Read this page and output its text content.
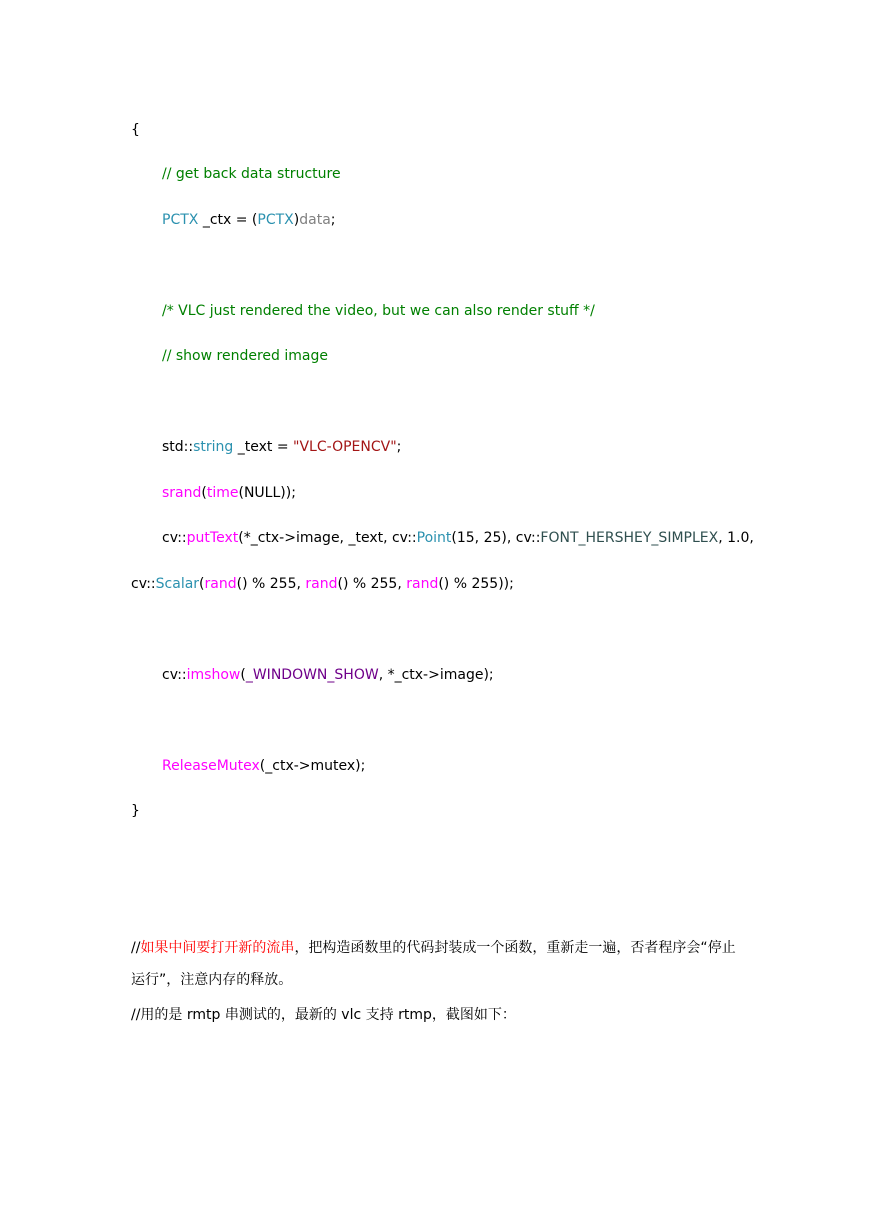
{
// get back data structure
PCTX _ctx = (PCTX)data;
/* VLC just rendered the video, but we can also render stuff */
// show rendered image
std::string _text = "VLC-OPENCV";
srand(time(NULL));
cv::putText(*_ctx->image, _text, cv::Point(15, 25), cv::FONT_HERSHEY_SIMPLEX, 1.0,
cv::Scalar(rand() % 255, rand() % 255, rand() % 255));
cv::imshow(_WINDOWN_SHOW, *_ctx->image);
ReleaseMutex(_ctx->mutex);
}
//如果中间要打开新的流串，把构造函数里的代码封装成一个函数，重新走一遍，否者程序会“停止
运行”，注意内存的释放。
//用的是 rmtp 串测试的，最新的 vlc 支持 rtmp，截图如下：
